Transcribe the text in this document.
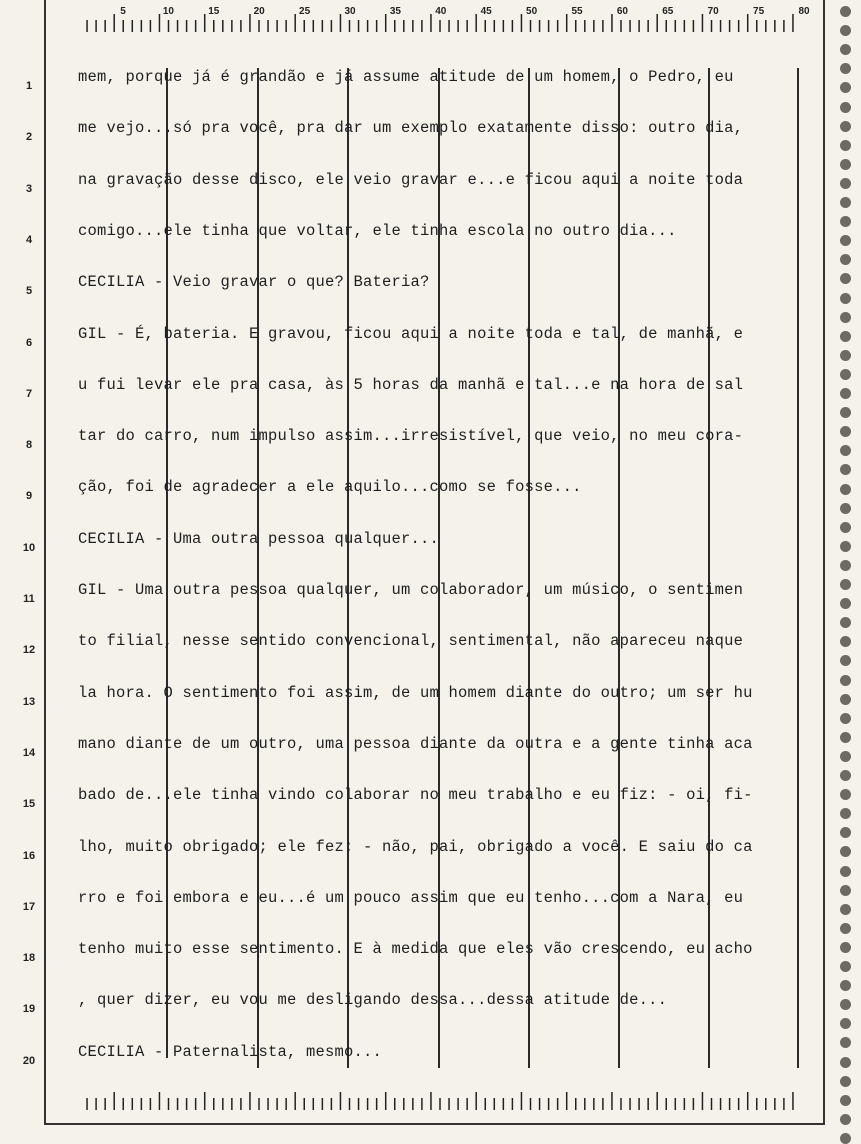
5	10	15	20	25	30	35	40	45	50	55	60	65	70	75	80
1	mem, porque já é grandão e já assume atitude de um homem, o Pedro, eu
2	me vejo...só pra você, pra dar um exemplo exatamente disso: outro dia,
3	na gravação desse disco, ele veio gravar e...e ficou aqui a noite toda
4	comigo...ele tinha que voltar, ele tinha escola no outro dia...
5	CECILIA - Veio gravar o que? Bateria?
6	GIL - É, bateria. E gravou, ficou aqui a noite toda e tal, de manhã, e
7	u fui levar ele pra casa, às 5 horas da manhã e tal...e na hora de sal
8	tar do carro, num impulso assim...irresistível, que veio, no meu cora-
9	ção, foi de agradecer a ele aquilo...como se fosse...
10	CECILIA - Uma outra pessoa qualquer...
11	GIL - Uma outra pessoa qualquer, um colaborador, um músico, o sentimen
12	to filial, nesse sentido convencional, sentimental, não apareceu naque
13	la hora. O sentimento foi assim, de um homem diante do outro; um ser hu
14	mano diante de um outro, uma pessoa diante da outra e a gente tinha aca
15	bado de...ele tinha vindo colaborar no meu trabalho e eu fiz: - oi, fi-
16	lho, muito obrigado; ele fez: - não, pai, obrigado a você. E saiu do ca
17	rro e foi embora e eu...é um pouco assim que eu tenho...com a Nara, eu
18	tenho muito esse sentimento. E à medida que eles vão crescendo, eu acho
19	, quer dizer, eu vou me desligando dessa...dessa atitude de...
20	CECILIA - Paternalista, mesmo...
